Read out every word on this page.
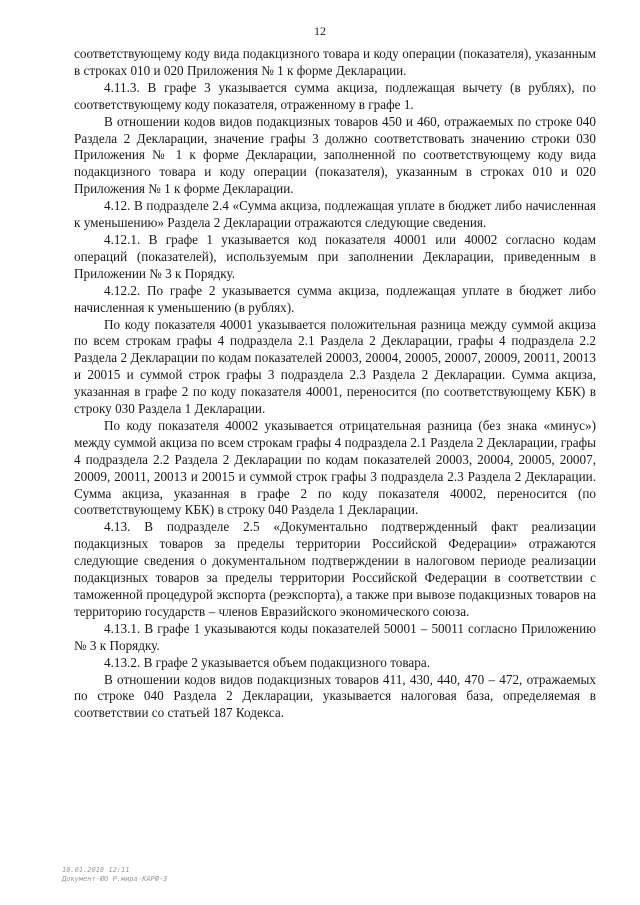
12

соответствующему коду вида подакцизного товара и коду операции (показателя), указанным в строках 010 и 020 Приложения № 1 к форме Декларации.

4.11.3. В графе 3 указывается сумма акциза, подлежащая вычету (в рублях), по соответствующему коду показателя, отраженному в графе 1.

В отношении кодов видов подакцизных товаров 450 и 460, отражаемых по строке 040 Раздела 2 Декларации, значение графы 3 должно соответствовать значению строки 030 Приложения № 1 к форме Декларации, заполненной по соответствующему коду вида подакцизного товара и коду операции (показателя), указанным в строках 010 и 020 Приложения № 1 к форме Декларации.

4.12. В подразделе 2.4 «Сумма акциза, подлежащая уплате в бюджет либо начисленная к уменьшению» Раздела 2 Декларации отражаются следующие сведения.

4.12.1. В графе 1 указывается код показателя 40001 или 40002 согласно кодам операций (показателей), используемым при заполнении Декларации, приведенным в Приложении № 3 к Порядку.

4.12.2. По графе 2 указывается сумма акциза, подлежащая уплате в бюджет либо начисленная к уменьшению (в рублях).

По коду показателя 40001 указывается положительная разница между суммой акциза по всем строкам графы 4 подраздела 2.1 Раздела 2 Декларации, графы 4 подраздела 2.2 Раздела 2 Декларации по кодам показателей 20003, 20004, 20005, 20007, 20009, 20011, 20013 и 20015 и суммой строк графы 3 подраздела 2.3 Раздела 2 Декларации. Сумма акциза, указанная в графе 2 по коду показателя 40001, переносится (по соответствующему КБК) в строку 030 Раздела 1 Декларации.

По коду показателя 40002 указывается отрицательная разница (без знака «минус») между суммой акциза по всем строкам графы 4 подраздела 2.1 Раздела 2 Декларации, графы 4 подраздела 2.2 Раздела 2 Декларации по кодам показателей 20003, 20004, 20005, 20007, 20009, 20011, 20013 и 20015 и суммой строк графы 3 подраздела 2.3 Раздела 2 Декларации. Сумма акциза, указанная в графе 2 по коду показателя 40002, переносится (по соответствующему КБК) в строку 040 Раздела 1 Декларации.

4.13. В подразделе 2.5 «Документально подтвержденный факт реализации подакцизных товаров за пределы территории Российской Федерации» отражаются следующие сведения о документальном подтверждении в налоговом периоде реализации подакцизных товаров за пределы территории Российской Федерации в соответствии с таможенной процедурой экспорта (реэкспорта), а также при вывозе подакцизных товаров на территорию государств – членов Евразийского экономического союза.

4.13.1. В графе 1 указываются коды показателей 50001 – 50011 согласно Приложению № 3 к Порядку.

4.13.2. В графе 2 указывается объем подакцизного товара.

В отношении кодов видов подакцизных товаров 411, 430, 440, 470 – 472, отражаемых по строке 040 Раздела 2 Декларации, указывается налоговая база, определяемая в соответствии со статьей 187 Кодекса.

10.01.2018 12:11
Документ-ЮО Р.мира-КАРФ-3
